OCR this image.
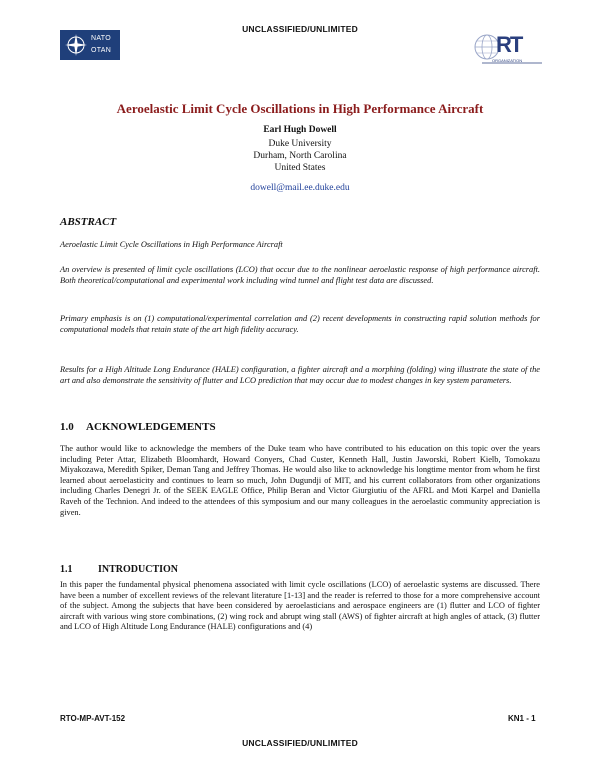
UNCLASSIFIED/UNLIMITED
NATO
OTAN	RT
ORGANIZATION
Aeroelastic Limit Cycle Oscillations in High Performance Aircraft
Earl Hugh Dowell
Duke University
Durham, North Carolina
United States
dowell@mail.ee.duke.edu
ABSTRACT

Aeroelastic Limit Cycle Oscillations in High Performance Aircraft

An overview is presented of limit cycle oscillations (LCO) that occur due to the nonlinear aeroelastic response of high performance aircraft. Both theoretical/computational and experimental work including wind tunnel and flight test data are discussed.

Primary emphasis is on (1) computational/experimental correlation and (2) recent developments in constructing rapid solution methods for computational models that retain state of the art high fidelity accuracy.

Results for a High Altitude Long Endurance (HALE) configuration, a fighter aircraft and a morphing (folding) wing illustrate the state of the art and also demonstrate the sensitivity of flutter and LCO prediction that may occur due to modest changes in key system parameters.

1.0 ACKNOWLEDGEMENTS

The author would like to acknowledge the members of the Duke team who have contributed to his education on this topic over the years including Peter Attar, Elizabeth Bloomhardt, Howard Conyers, Chad Custer, Kenneth Hall, Justin Jaworski, Robert Kielb, Tomokazu Miyakozawa, Meredith Spiker, Deman Tang and Jeffrey Thomas. He would also like to acknowledge his longtime mentor from whom he first learned about aeroelasticity and continues to learn so much, John Dugundji of MIT, and his current collaborators from other organizations including Charles Denegri Jr. of the SEEK EAGLE Office, Philip Beran and Victor Giurgiutiu of the AFRL and Moti Karpel and Daniella Raveh of the Technion. And indeed to the attendees of this symposium and our many colleagues in the aeroelastic community appreciation is given.

1.1	INTRODUCTION

In this paper the fundamental physical phenomena associated with limit cycle oscillations (LCO) of aeroelastic systems are discussed. There have been a number of excellent reviews of the relevant literature [1-13] and the reader is referred to those for a more comprehensive account of the subject. Among the subjects that have been considered by aeroelasticians and aerospace engineers are (1) flutter and LCO of fighter aircraft with various wing store combinations, (2) wing rock and abrupt wing stall (AWS) of fighter aircraft at high angles of attack, (3) flutter and LCO of High Altitude Long Endurance (HALE) configurations and (4)

RTO-MP-AVT-152	KN1 - 1
UNCLASSIFIED/UNLIMITED
